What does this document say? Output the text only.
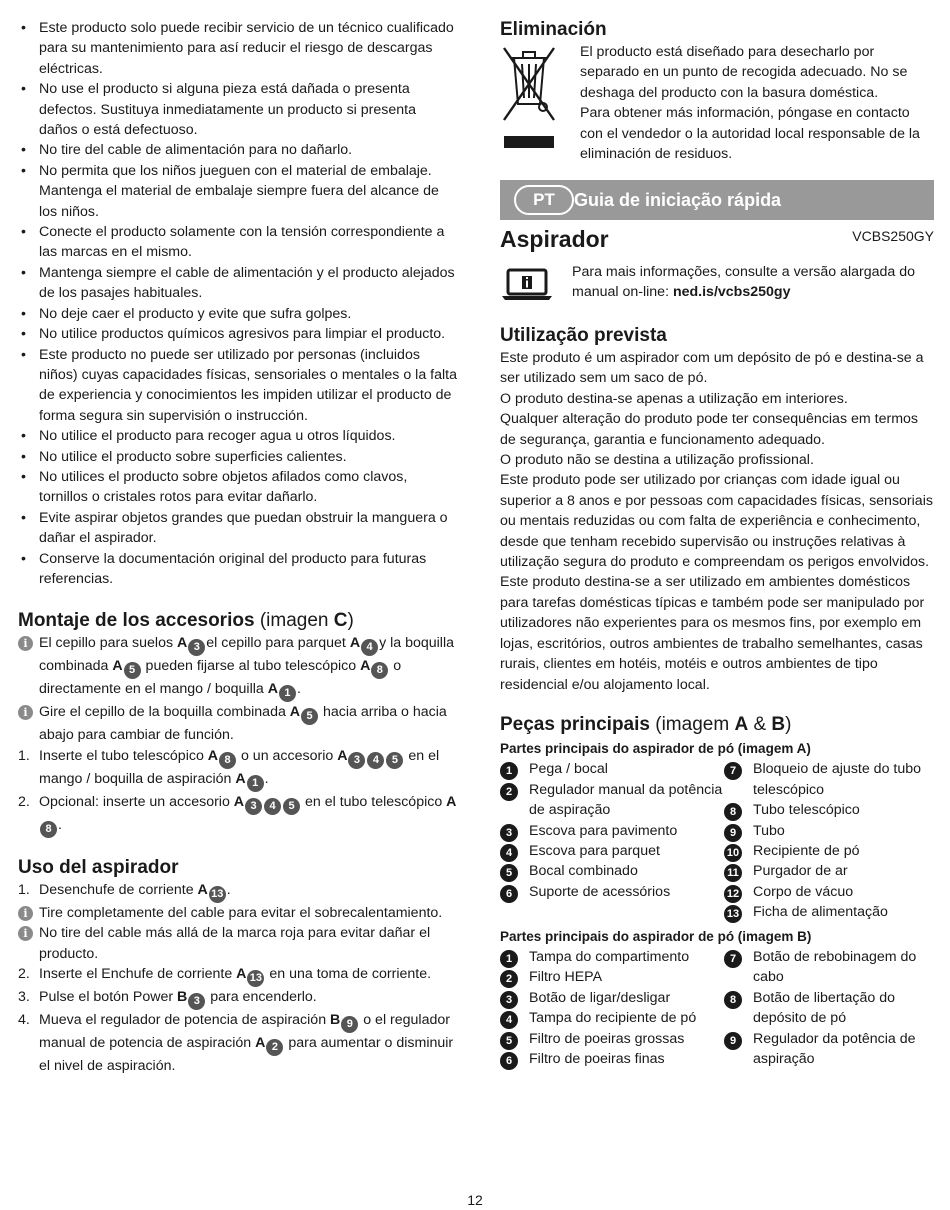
• Este producto solo puede recibir servicio de un técnico cualificado para su mantenimiento para así reducir el riesgo de descargas eléctricas.
• No use el producto si alguna pieza está dañada o presenta defectos. Sustituya inmediatamente un producto si presenta daños o está defectuoso.
• No tire del cable de alimentación para no dañarlo.
• No permita que los niños jueguen con el material de embalaje. Mantenga el material de embalaje siempre fuera del alcance de los niños.
• Conecte el producto solamente con la tensión correspondiente a las marcas en el mismo.
• Mantenga siempre el cable de alimentación y el producto alejados de los pasajes habituales.
• No deje caer el producto y evite que sufra golpes.
• No utilice productos químicos agresivos para limpiar el producto.
• Este producto no puede ser utilizado por personas (incluidos niños) cuyas capacidades físicas, sensoriales o mentales o la falta de experiencia y conocimientos les impiden utilizar el producto de forma segura sin supervisión o instrucción.
• No utilice el producto para recoger agua u otros líquidos.
• No utilice el producto sobre superficies calientes.
• No utilices el producto sobre objetos afilados como clavos, tornillos o cristales rotos para evitar dañarlo.
• Evite aspirar objetos grandes que puedan obstruir la manguera o dañar el aspirador.
• Conserve la documentación original del producto para futuras referencias.
Montaje de los accesorios (imagen C)
i El cepillo para suelos A 3 el cepillo para parquet A 4 y la boquilla combinada A 5 pueden fijarse al tubo telescópico A 8 o directamente en el mango / boquilla A 1 .
i Gire el cepillo de la boquilla combinada A 5 hacia arriba o hacia abajo para cambiar de función.
1. Inserte el tubo telescópico A 8 o un accesorio A 3 4 5 en el mango / boquilla de aspiración A 1 .
2. Opcional: inserte un accesorio A 3 4 5 en el tubo telescópico A8 .
Uso del aspirador
1. Desenchufe de corriente A 13 .
i Tire completamente del cable para evitar el sobrecalentamiento.
i No tire del cable más allá de la marca roja para evitar dañar el producto.
2. Inserte el Enchufe de corriente A 13 en una toma de corriente.
3. Pulse el botón Power B 3 para encenderlo.
4. Mueva el regulador de potencia de aspiración B 9 o el regulador manual de potencia de aspiración A 2 para aumentar o disminuir el nivel de aspiración.
Eliminación
El producto está diseñado para desecharlo por separado en un punto de recogida adecuado. No se deshaga del producto con la basura doméstica.
Para obtener más información, póngase en contacto con el vendedor o la autoridad local responsable de la eliminación de residuos.
PT	Guia de iniciação rápida
Aspirador	VCBS250GY
Para mais informações, consulte a versão alargada do manual on-line: ned.is/vcbs250gy
Utilização prevista
Este produto é um aspirador com um depósito de pó e destina-se a ser utilizado sem um saco de pó.
O produto destina-se apenas a utilização em interiores.
Qualquer alteração do produto pode ter consequências em termos de segurança, garantia e funcionamento adequado.
O produto não se destina a utilização profissional.
Este produto pode ser utilizado por crianças com idade igual ou superior a 8 anos e por pessoas com capacidades físicas, sensoriais ou mentais reduzidas ou com falta de experiência e conhecimento, desde que tenham recebido supervisão ou instruções relativas à utilização segura do produto e compreendam os perigos envolvidos.
Este produto destina-se a ser utilizado em ambientes domésticos para tarefas domésticas típicas e também pode ser manipulado por utilizadores não experientes para os mesmos fins, por exemplo em lojas, escritórios, outros ambientes de trabalho semelhantes, casas rurais, clientes em hotéis, motéis e outros ambientes de tipo residencial e/ou alojamento local.
Peças principais (imagem A & B)
Partes principais do aspirador de pó (imagem A)
1	Pega / bocal
2	Regulador manual da potência de aspiração
3	Escova para pavimento
4	Escova para parquet
5	Bocal combinado
6	Suporte de acessórios
7	Bloqueio de ajuste do tubo telescópico
8	Tubo telescópico
9	Tubo
10 Recipiente de pó
11 Purgador de ar
12 Corpo de vácuo
13 Ficha de alimentação
Partes principais do aspirador de pó (imagem B)
1	Tampa do compartimento
2	Filtro HEPA
3	Botão de ligar/desligar
4	Tampa do recipiente de pó
5	Filtro de poeiras grossas
6	Filtro de poeiras finas
7	Botão de rebobinagem do cabo
8	Botão de libertação do depósito de pó
9	Regulador da potência de aspiração
12
